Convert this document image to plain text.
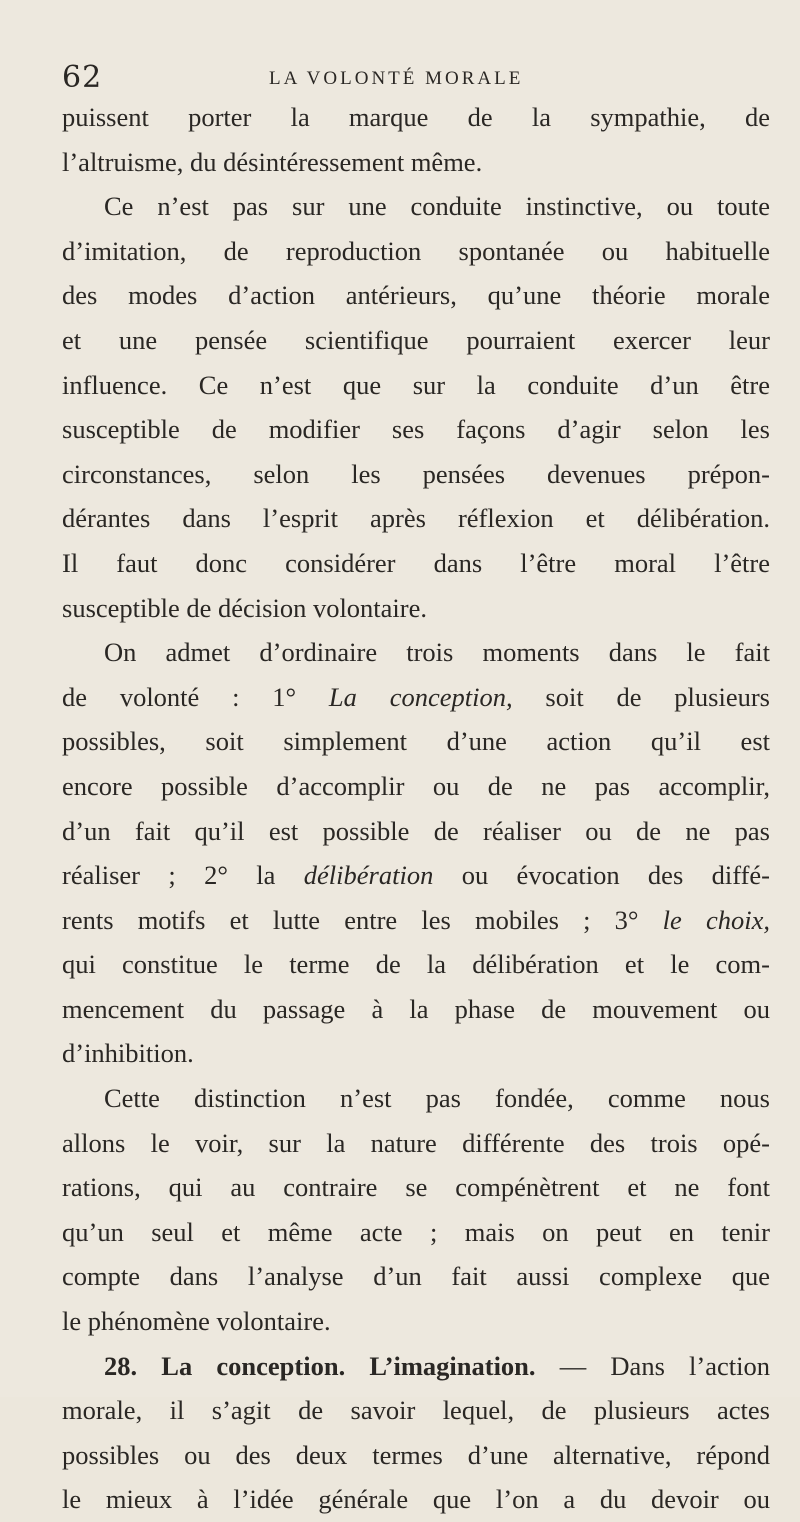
62	LA VOLONTÉ MORALE
puissent porter la marque de la sympathie, de
l’altruisme, du désintéressement même.
Ce n’est pas sur une conduite instinctive, ou toute
d’imitation, de reproduction spontanée ou habituelle
des modes d’action antérieurs, qu’une théorie morale
et une pensée scientifique pourraient exercer leur
influence. Ce n’est que sur la conduite d’un être
susceptible de modifier ses façons d’agir selon les
circonstances, selon les pensées devenues prépon-
dérantes dans l’esprit après réflexion et délibération.
Il faut donc considérer dans l’être moral l’être
susceptible de décision volontaire.
On admet d’ordinaire trois moments dans le fait
de volonté : 1° La conception, soit de plusieurs
possibles, soit simplement d’une action qu’il est
encore possible d’accomplir ou de ne pas accomplir,
d’un fait qu’il est possible de réaliser ou de ne pas
réaliser ; 2° la délibération ou évocation des diffé-
rents motifs et lutte entre les mobiles ; 3° le choix,
qui constitue le terme de la délibération et le com-
mencement du passage à la phase de mouvement ou
d’inhibition.
Cette distinction n’est pas fondée, comme nous
allons le voir, sur la nature différente des trois opé-
rations, qui au contraire se compénètrent et ne font
qu’un seul et même acte ; mais on peut en tenir
compte dans l’analyse d’un fait aussi complexe que
le phénomène volontaire.
28. La conception. L’imagination. — Dans l’action
morale, il s’agit de savoir lequel, de plusieurs actes
possibles ou des deux termes d’une alternative, répond
le mieux à l’idée générale que l’on a du devoir ou
